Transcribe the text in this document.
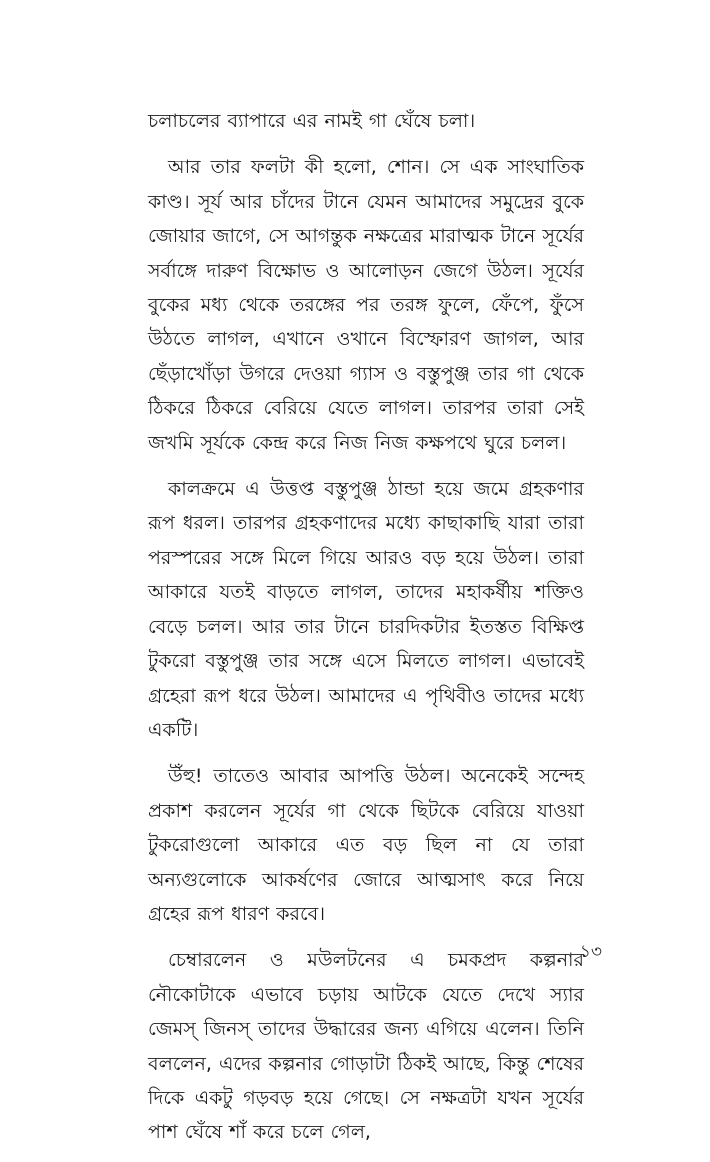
চলাচলের ব্যাপারে এর নামই গা ঘেঁষে চলা।

আর তার ফলটা কী হলো, শোন। সে এক সাংঘাতিক কাণ্ড। সূর্য আর চাঁদের টানে যেমন আমাদের সমুদ্রের বুকে জোয়ার জাগে, সে আগন্তুক নক্ষত্রের মারাত্মক টানে সূর্যের সর্বাঙ্গে দারুণ বিক্ষোভ ও আলোড়ন জেগে উঠল। সূর্যের বুকের মধ্য থেকে তরঙ্গের পর তরঙ্গ ফুলে, ফেঁপে, ফুঁসে উঠতে লাগল, এখানে ওখানে বিস্ফোরণ জাগল, আর ছেঁড়াখোঁড়া উগরে দেওয়া গ্যাস ও বস্তুপুঞ্জ তার গা থেকে ঠিকরে ঠিকরে বেরিয়ে যেতে লাগল। তারপর তারা সেই জখমি সূর্যকে কেন্দ্র করে নিজ নিজ কক্ষপথে ঘুরে চলল।

কালক্রমে এ উত্তপ্ত বস্তুপুঞ্জ ঠান্ডা হয়ে জমে গ্রহকণার রূপ ধরল। তারপর গ্রহকণাদের মধ্যে কাছাকাছি যারা তারা পরস্পরের সঙ্গে মিলে গিয়ে আরও বড় হয়ে উঠল। তারা আকারে যতই বাড়তে লাগল, তাদের মহাকর্ষীয় শক্তিও বেড়ে চলল। আর তার টানে চারদিকটার ইতস্তত বিক্ষিপ্ত টুকরো বস্তুপুঞ্জ তার সঙ্গে এসে মিলতে লাগল। এভাবেই গ্রহেরা রূপ ধরে উঠল। আমাদের এ পৃথিবীও তাদের মধ্যে একটি।

উঁহু! তাতেও আবার আপত্তি উঠল। অনেকেই সন্দেহ প্রকাশ করলেন সূর্যের গা থেকে ছিটকে বেরিয়ে যাওয়া টুকরোগুলো আকারে এত বড় ছিল না যে তারা অন্যগুলোকে আকর্ষণের জোরে আত্মসাৎ করে নিয়ে গ্রহের রূপ ধারণ করবে।

চেম্বারলেন ও মউলটনের এ চমকপ্রদ কল্পনার নৌকোটাকে এভাবে চড়ায় আটকে যেতে দেখে স্যার জেমস্ জিনস্ তাদের উদ্ধারের জন্য এগিয়ে এলেন। তিনি বললেন, এদের কল্পনার গোড়াটা ঠিকই আছে, কিন্তু শেষের দিকে একটু গড়বড় হয়ে গেছে। সে নক্ষত্রটা যখন সূর্যের পাশ ঘেঁষে শাঁ করে চলে গেল,

১৩
